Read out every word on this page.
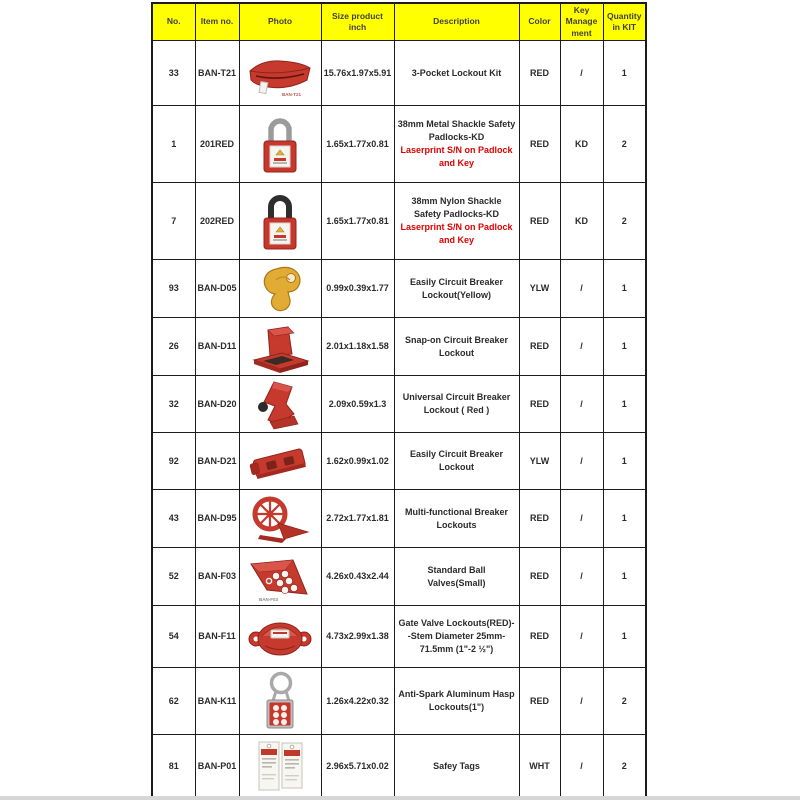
No.	Item no.	Photo	Size product inch	Description	Color	Key Management	Quantity in KIT
33	BAN-T21	BAN-T21	15.76x1.97x5.91	3-Pocket Lockout Kit	RED	/	1
1	201RED		1.65x1.77x0.81	38mm Metal Shackle Safety Padlocks-KD
Laserprint S/N on Padlock and Key	RED	KD	2
7	202RED		1.65x1.77x0.81	38mm Nylon Shackle Safety Padlocks-KD
Laserprint S/N on Padlock and Key	RED	KD	2
93	BAN-D05		0.99x0.39x1.77	Easily Circuit Breaker Lockout(Yellow)	YLW	/	1
26	BAN-D11		2.01x1.18x1.58	Snap-on Circuit Breaker Lockout	RED	/	1
32	BAN-D20		2.09x0.59x1.3	Universal Circuit Breaker Lockout ( Red )	RED	/	1
92	BAN-D21		1.62x0.99x1.02	Easily Circuit Breaker Lockout	YLW	/	1
43	BAN-D95		2.72x1.77x1.81	Multi-functional Breaker Lockouts	RED	/	1
52	BAN-F03	BAN-F03	4.26x0.43x2.44	Standard Ball Valves(Small)	RED	/	1
54	BAN-F11		4.73x2.99x1.38	Gate Valve Lockouts(RED)--Stem Diameter 25mm-71.5mm (1"-2 ½")	RED	/	1
62	BAN-K11		1.26x4.22x0.32	Anti-Spark Aluminum Hasp Lockouts(1")	RED	/	2
81	BAN-P01		2.96x5.71x0.02	Safey Tags	WHT	/	2
